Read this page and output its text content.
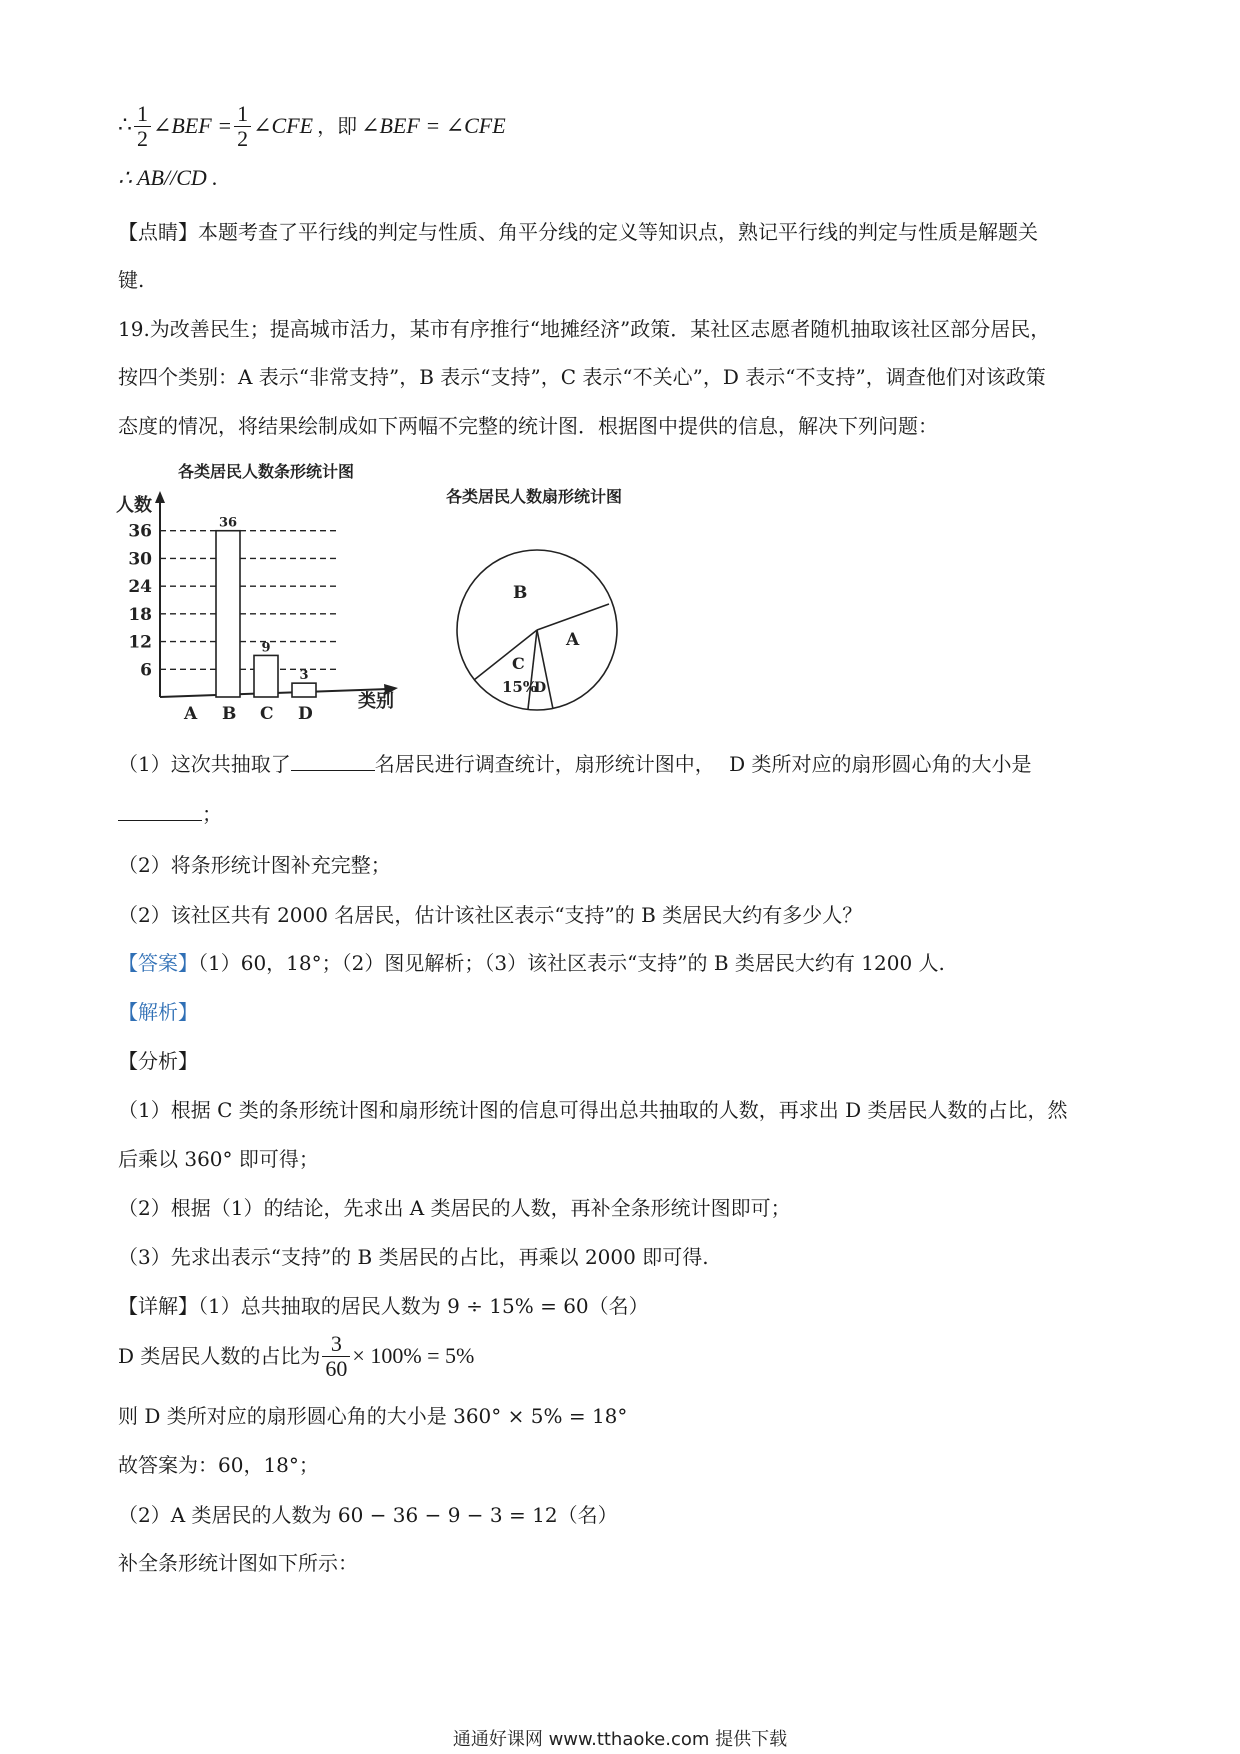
∴ $\frac{1}{2}$ ∠BEF = $\frac{1}{2}$ ∠CFE ，即 ∠BEF = ∠CFE
∴ AB//CD .
【点睛】本题考查了平行线的判定与性质、角平分线的定义等知识点，熟记平行线的判定与性质是解题关
键.
19.为改善民生；提高城市活力，某市有序推行“地摊经济”政策．某社区志愿者随机抽取该社区部分居民，
按四个类别：A 表示“非常支持”，B 表示“支持”，C 表示“不关心”，D 表示“不支持”，调查他们对该政策
态度的情况，将结果绘制成如下两幅不完整的统计图．根据图中提供的信息，解决下列问题：
各类居民人数条形统计图
人数
6
12
18
24
30
36	36
9
3
A B C D
类别
各类居民人数扇形统计图
B
A
D
C
15%
（1）这次共抽取了	名居民进行调查统计，扇形统计图中， D 类所对应的扇形圆心角的大小是
；
（2）将条形统计图补充完整；
（2）该社区共有 2000 名居民，估计该社区表示“支持”的 B 类居民大约有多少人？
【答案】（1）60，18°；（2）图见解析；（3）该社区表示“支持”的 B 类居民大约有 1200 人.
【解析】
【分析】
（1）根据 C 类的条形统计图和扇形统计图的信息可得出总共抽取的人数，再求出 D 类居民人数的占比，然
后乘以 360° 即可得；
（2）根据（1）的结论，先求出 A 类居民的人数，再补全条形统计图即可；
（3）先求出表示“支持”的 B 类居民的占比，再乘以 2000 即可得.
【详解】（1）总共抽取的居民人数为 9 ÷ 15% = 60（名）
D 类居民人数的占比为 $\frac{3}{60} \times 100\% = 5\%$
则 D 类所对应的扇形圆心角的大小是 360° × 5% = 18°
故答案为：60，18°；
（2）A 类居民的人数为 60 − 36 − 9 − 3 = 12（名）
补全条形统计图如下所示：
通通好课网 www.tthaoke.com 提供下载
